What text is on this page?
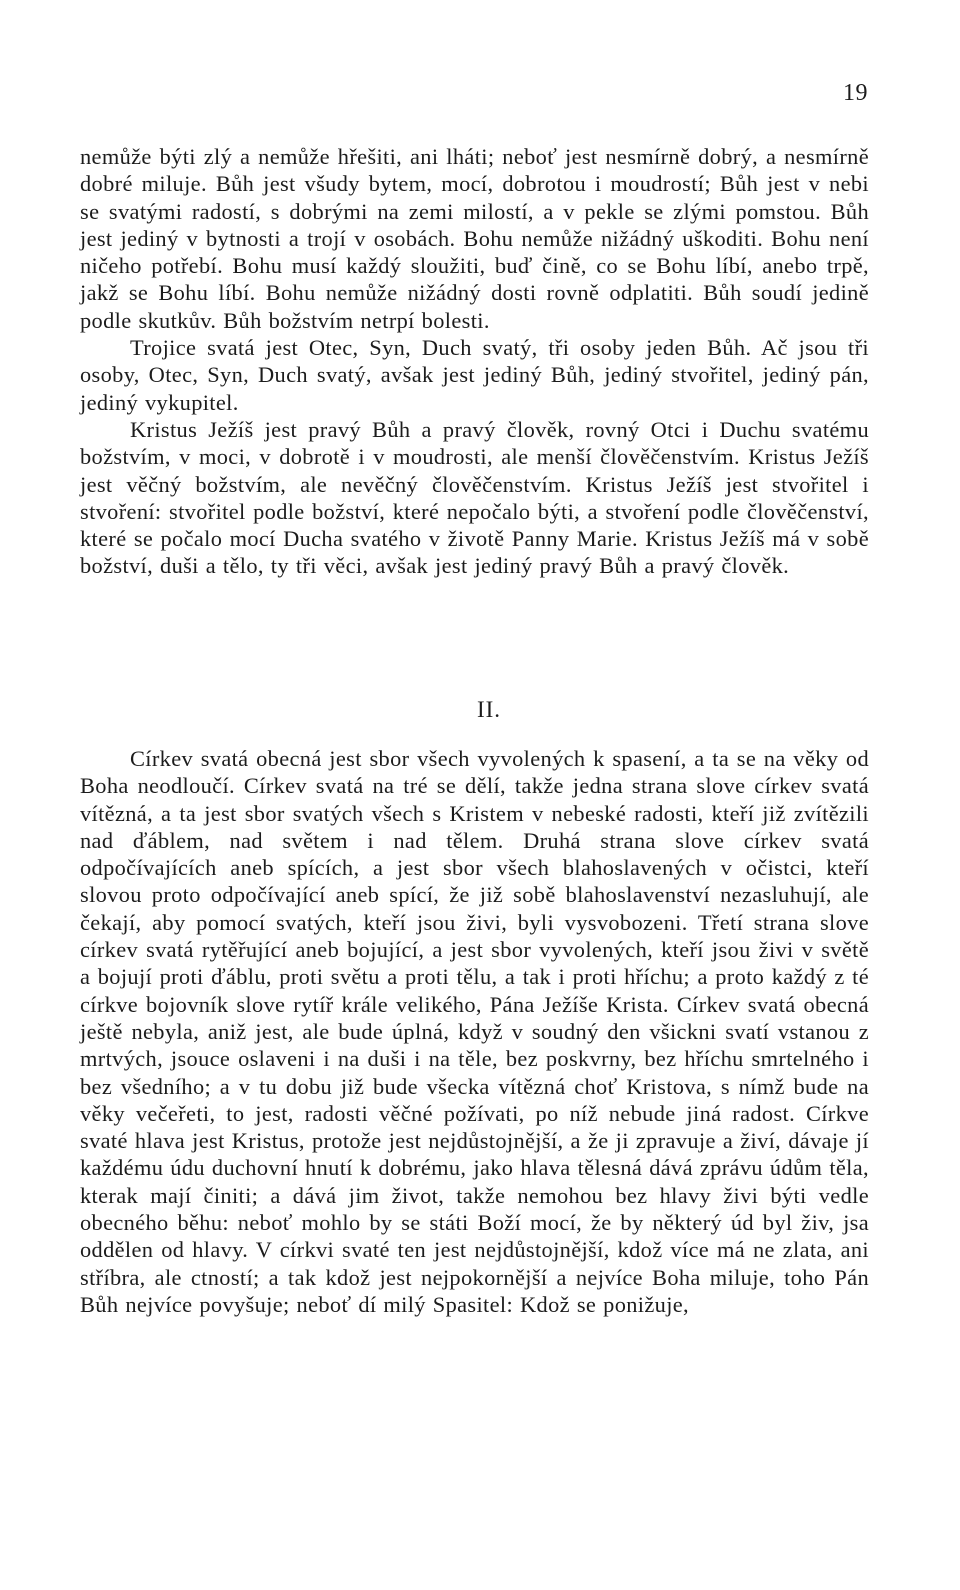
19

nemůže býti zlý a nemůže hřešiti, ani lháti; neboť jest nesmírně dobrý, a nesmírně dobré miluje. Bůh jest všudy bytem, mocí, dobrotou i moudrostí; Bůh jest v nebi se svatými radostí, s dobrými na zemi milostí, a v pekle se zlými pomstou. Bůh jest jediný v bytnosti a trojí v osobách. Bohu nemůže nižádný uškoditi. Bohu není ničeho potřebí. Bohu musí každý sloužiti, buď čině, co se Bohu líbí, anebo trpě, jakž se Bohu líbí. Bohu nemůže nižádný dosti rovně odplatiti. Bůh soudí jedině podle skutkův. Bůh božstvím netrpí bolesti.

Trojice svatá jest Otec, Syn, Duch svatý, tři osoby jeden Bůh. Ač jsou tři osoby, Otec, Syn, Duch svatý, avšak jest jediný Bůh, jediný stvořitel, jediný pán, jediný vykupitel.

Kristus Ježíš jest pravý Bůh a pravý člověk, rovný Otci i Duchu svatému božstvím, v moci, v dobrotě i v moudrosti, ale menší člověčenstvím. Kristus Ježíš jest věčný božstvím, ale nevěčný člověčenstvím. Kristus Ježíš jest stvořitel i stvoření: stvořitel podle božství, které nepočalo býti, a stvoření podle člověčenství, které se počalo mocí Ducha svatého v životě Panny Marie. Kristus Ježíš má v sobě božství, duši a tělo, ty tři věci, avšak jest jediný pravý Bůh a pravý člověk.

II.

Církev svatá obecná jest sbor všech vyvolených k spasení, a ta se na věky od Boha neodloučí. Církev svatá na tré se dělí, takže jedna strana slove církev svatá vítězná, a ta jest sbor svatých všech s Kristem v nebeské radosti, kteří již zvítězili nad ďáblem, nad světem i nad tělem. Druhá strana slove církev svatá odpočívajících aneb spících, a jest sbor všech blahoslavených v očistci, kteří slovou proto odpočívající aneb spící, že již sobě blahoslavenství nezasluhují, ale čekají, aby pomocí svatých, kteří jsou živi, byli vysvobozeni. Třetí strana slove církev svatá rytěřující aneb bojující, a jest sbor vyvolených, kteří jsou živi v světě a bojují proti ďáblu, proti světu a proti tělu, a tak i proti hříchu; a proto každý z té církve bojovník slove rytíř krále velikého, Pána Ježíše Krista. Církev svatá obecná ještě nebyla, aniž jest, ale bude úplná, když v soudný den všickni svatí vstanou z mrtvých, jsouce oslaveni i na duši i na těle, bez poskvrny, bez hříchu smrtelného i bez všedního; a v tu dobu již bude všecka vítězná choť Kristova, s nímž bude na věky večeřeti, to jest, radosti věčné požívati, po níž nebude jiná radost. Církve svaté hlava jest Kristus, protože jest nejdůstojnější, a že ji zpravuje a živí, dávaje jí každému údu duchovní hnutí k dobrému, jako hlava tělesná dává zprávu údům těla, kterak mají činiti; a dává jim život, takže nemohou bez hlavy živi býti vedle obecného běhu: neboť mohlo by se státi Boží mocí, že by některý úd byl živ, jsa oddělen od hlavy. V církvi svaté ten jest nejdůstojnější, kdož více má ne zlata, ani stříbra, ale ctností; a tak kdož jest nejpokornější a nejvíce Boha miluje, toho Pán Bůh nejvíce povyšuje; neboť dí milý Spasitel: Kdož se ponižuje,
